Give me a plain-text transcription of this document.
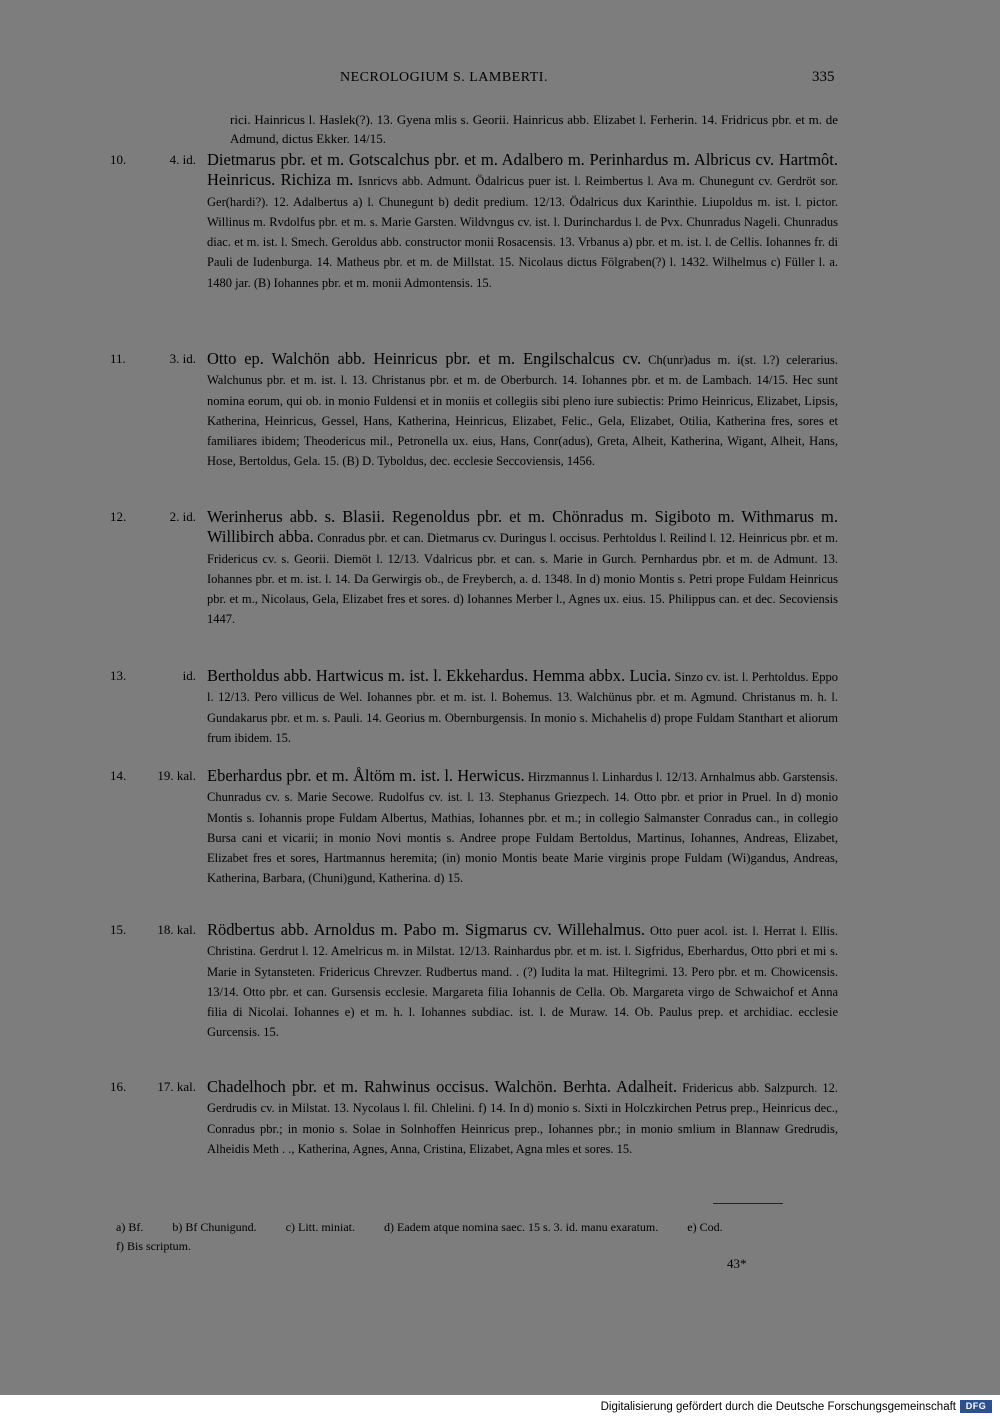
NECROLOGIUM S. LAMBERTI.	335
rici. Hainricus l. Haslek(?). 13. Gyena mlis s. Georii. Hainricus abb. Elizabet l. Ferherin. 14. Fridricus pbr. et m. de Admund, dictus Ekker. 14/15.
10.	4. id. Dietmarus pbr. et m. Gotscalchus pbr. et m. Adalbero m. Perinhardus m. Albricus cv. Hartmôt. Heinricus. Richiza m. Isnricvs abb. Admunt. Ödalricus puer ist. l. Reimbertus l. Ava m. Chunegunt cv. Gerdröt sor. Ger(hardi?). 12. Adalbertus a) l. Chunegunt b) dedit predium. 12/13. Ödalricus dux Karinthie. Liupoldus m. ist. l. pictor. Willinus m. Rvdolfus pbr. et m. s. Marie Garsten. Wildvngus cv. ist. l. Durinchardus l. de Pvx. Chunradus Nageli. Chunradus diac. et m. ist. l. Smech. Geroldus abb. constructor monii Rosacensis. 13. Vrbanus a) pbr. et m. ist. l. de Cellis. Iohannes fr. di Pauli de Iudenburga. 14. Matheus pbr. et m. de Millstat. 15. Nicolaus dictus Fölgraben(?) l. 1432. Wilhelmus c) Füller l. a. 1480 jar. (B) Iohannes pbr. et m. monii Admontensis. 15.
11.	3. id. Otto ep. Walchön abb. Heinricus pbr. et m. Engilschalcus cv. Ch(unr)adus m. i(st. l.?) celerarius. Walchunus pbr. et m. ist. l. 13. Christanus pbr. et m. de Oberburch. 14. Iohannes pbr. et m. de Lambach. 14/15. Hec sunt nomina eorum, qui ob. in monio Fuldensi et in moniis et collegiis sibi pleno iure subiectis: Primo Heinricus, Elizabet, Lipsis, Katherina, Heinricus, Gessel, Hans, Katherina, Heinricus, Elizabet, Felic., Gela, Elizabet, Otilia, Katherina fres, sores et familiares ibidem; Theodericus mil., Petronella ux. eius, Hans, Conr(adus), Greta, Alheit, Katherina, Wigant, Alheit, Hans, Hose, Bertoldus, Gela. 15. (B) D. Tyboldus, dec. ecclesie Seccoviensis, 1456.
12.	2. id. Werinherus abb. s. Blasii. Regenoldus pbr. et m. Chönradus m. Sigiboto m. Withmarus m. Willibirch abba. Conradus pbr. et can. Dietmarus cv. Duringus l. occisus. Perhtoldus l. Reilind l. 12. Heinricus pbr. et m. Fridericus cv. s. Georii. Diemöt l. 12/13. Vdalricus pbr. et can. s. Marie in Gurch. Pernhardus pbr. et m. de Admunt. 13. Iohannes pbr. et m. ist. l. 14. Da Gerwirgis ob., de Freyberch, a. d. 1348. In d) monio Montis s. Petri prope Fuldam Heinricus pbr. et m., Nicolaus, Gela, Elizabet fres et sores. d) Iohannes Merber l., Agnes ux. eius. 15. Philippus can. et dec. Secoviensis 1447.
13.	id. Bertholdus abb. Hartwicus m. ist. l. Ekkehardus. Hemma abbx. Lucia. Sinzo cv. ist. l. Perhtoldus. Eppo l. 12/13. Pero villicus de Wel. Iohannes pbr. et m. ist. l. Bohemus. 13. Walchünus pbr. et m. Agmund. Christanus m. h. l. Gundakarus pbr. et m. s. Pauli. 14. Georius m. Obernburgensis. In monio s. Michahelis d) prope Fuldam Stanthart et aliorum frum ibidem. 15.
14.	19. kal. Eberhardus pbr. et m. Åltöm m. ist. l. Herwicus. Hirzmannus l. Linhardus l. 12/13. Arnhalmus abb. Garstensis. Chunradus cv. s. Marie Secowe. Rudolfus cv. ist. l. 13. Stephanus Griezpech. 14. Otto pbr. et prior in Pruel. In d) monio Montis s. Iohannis prope Fuldam Albertus, Mathias, Iohannes pbr. et m.; in collegio Salmanster Conradus can., in collegio Bursa cani et vicarii; in monio Novi montis s. Andree prope Fuldam Bertoldus, Martinus, Iohannes, Andreas, Elizabet, Elizabet fres et sores, Hartmannus heremita; (in) monio Montis beate Marie virginis prope Fuldam (Wi)gandus, Andreas, Katherina, Barbara, (Chuni)gund, Katherina. d) 15.
15.	18. kal. Rödbertus abb. Arnoldus m. Pabo m. Sigmarus cv. Willehalmus. Otto puer acol. ist. l. Herrat l. Ellis. Christina. Gerdrut l. 12. Amelricus m. in Milstat. 12/13. Rainhardus pbr. et m. ist. l. Sigfridus, Eberhardus, Otto pbri et mi s. Marie in Sytansteten. Fridericus Chrevzer. Rudbertus mand. . (?) Iudita la mat. Hiltegrimi. 13. Pero pbr. et m. Chowicensis. 13/14. Otto pbr. et can. Gursensis ecclesie. Margareta filia Iohannis de Cella. Ob. Margareta virgo de Schwaichof et Anna filia di Nicolai. Iohannes e) et m. h. l. Iohannes subdiac. ist. l. de Muraw. 14. Ob. Paulus prep. et archidiac. ecclesie Gurcensis. 15.
16.	17. kal. Chadelhoch pbr. et m. Rahwinus occisus. Walchön. Berhta. Adalheit. Fridericus abb. Salzpurch. 12. Gerdrudis cv. in Milstat. 13. Nycolaus l. fil. Chlelini. f) 14. In d) monio s. Sixti in Holczkirchen Petrus prep., Heinricus dec., Conradus pbr.; in monio s. Solae in Solnhoffen Heinricus prep., Iohannes pbr.; in monio smlium in Blannaw Gredrudis, Alheidis Meth . ., Katherina, Agnes, Anna, Cristina, Elizabet, Agna mles et sores. 15.
a) Bf. b) Bf Chunigund. c) Litt. miniat. d) Eadem atque nomina saec. 15 s. 3. id. manu exaratum. e) Cod. f) Bis scriptum.
43*
Digitalisierung gefördert durch die Deutsche Forschungsgemeinschaft	DFG
